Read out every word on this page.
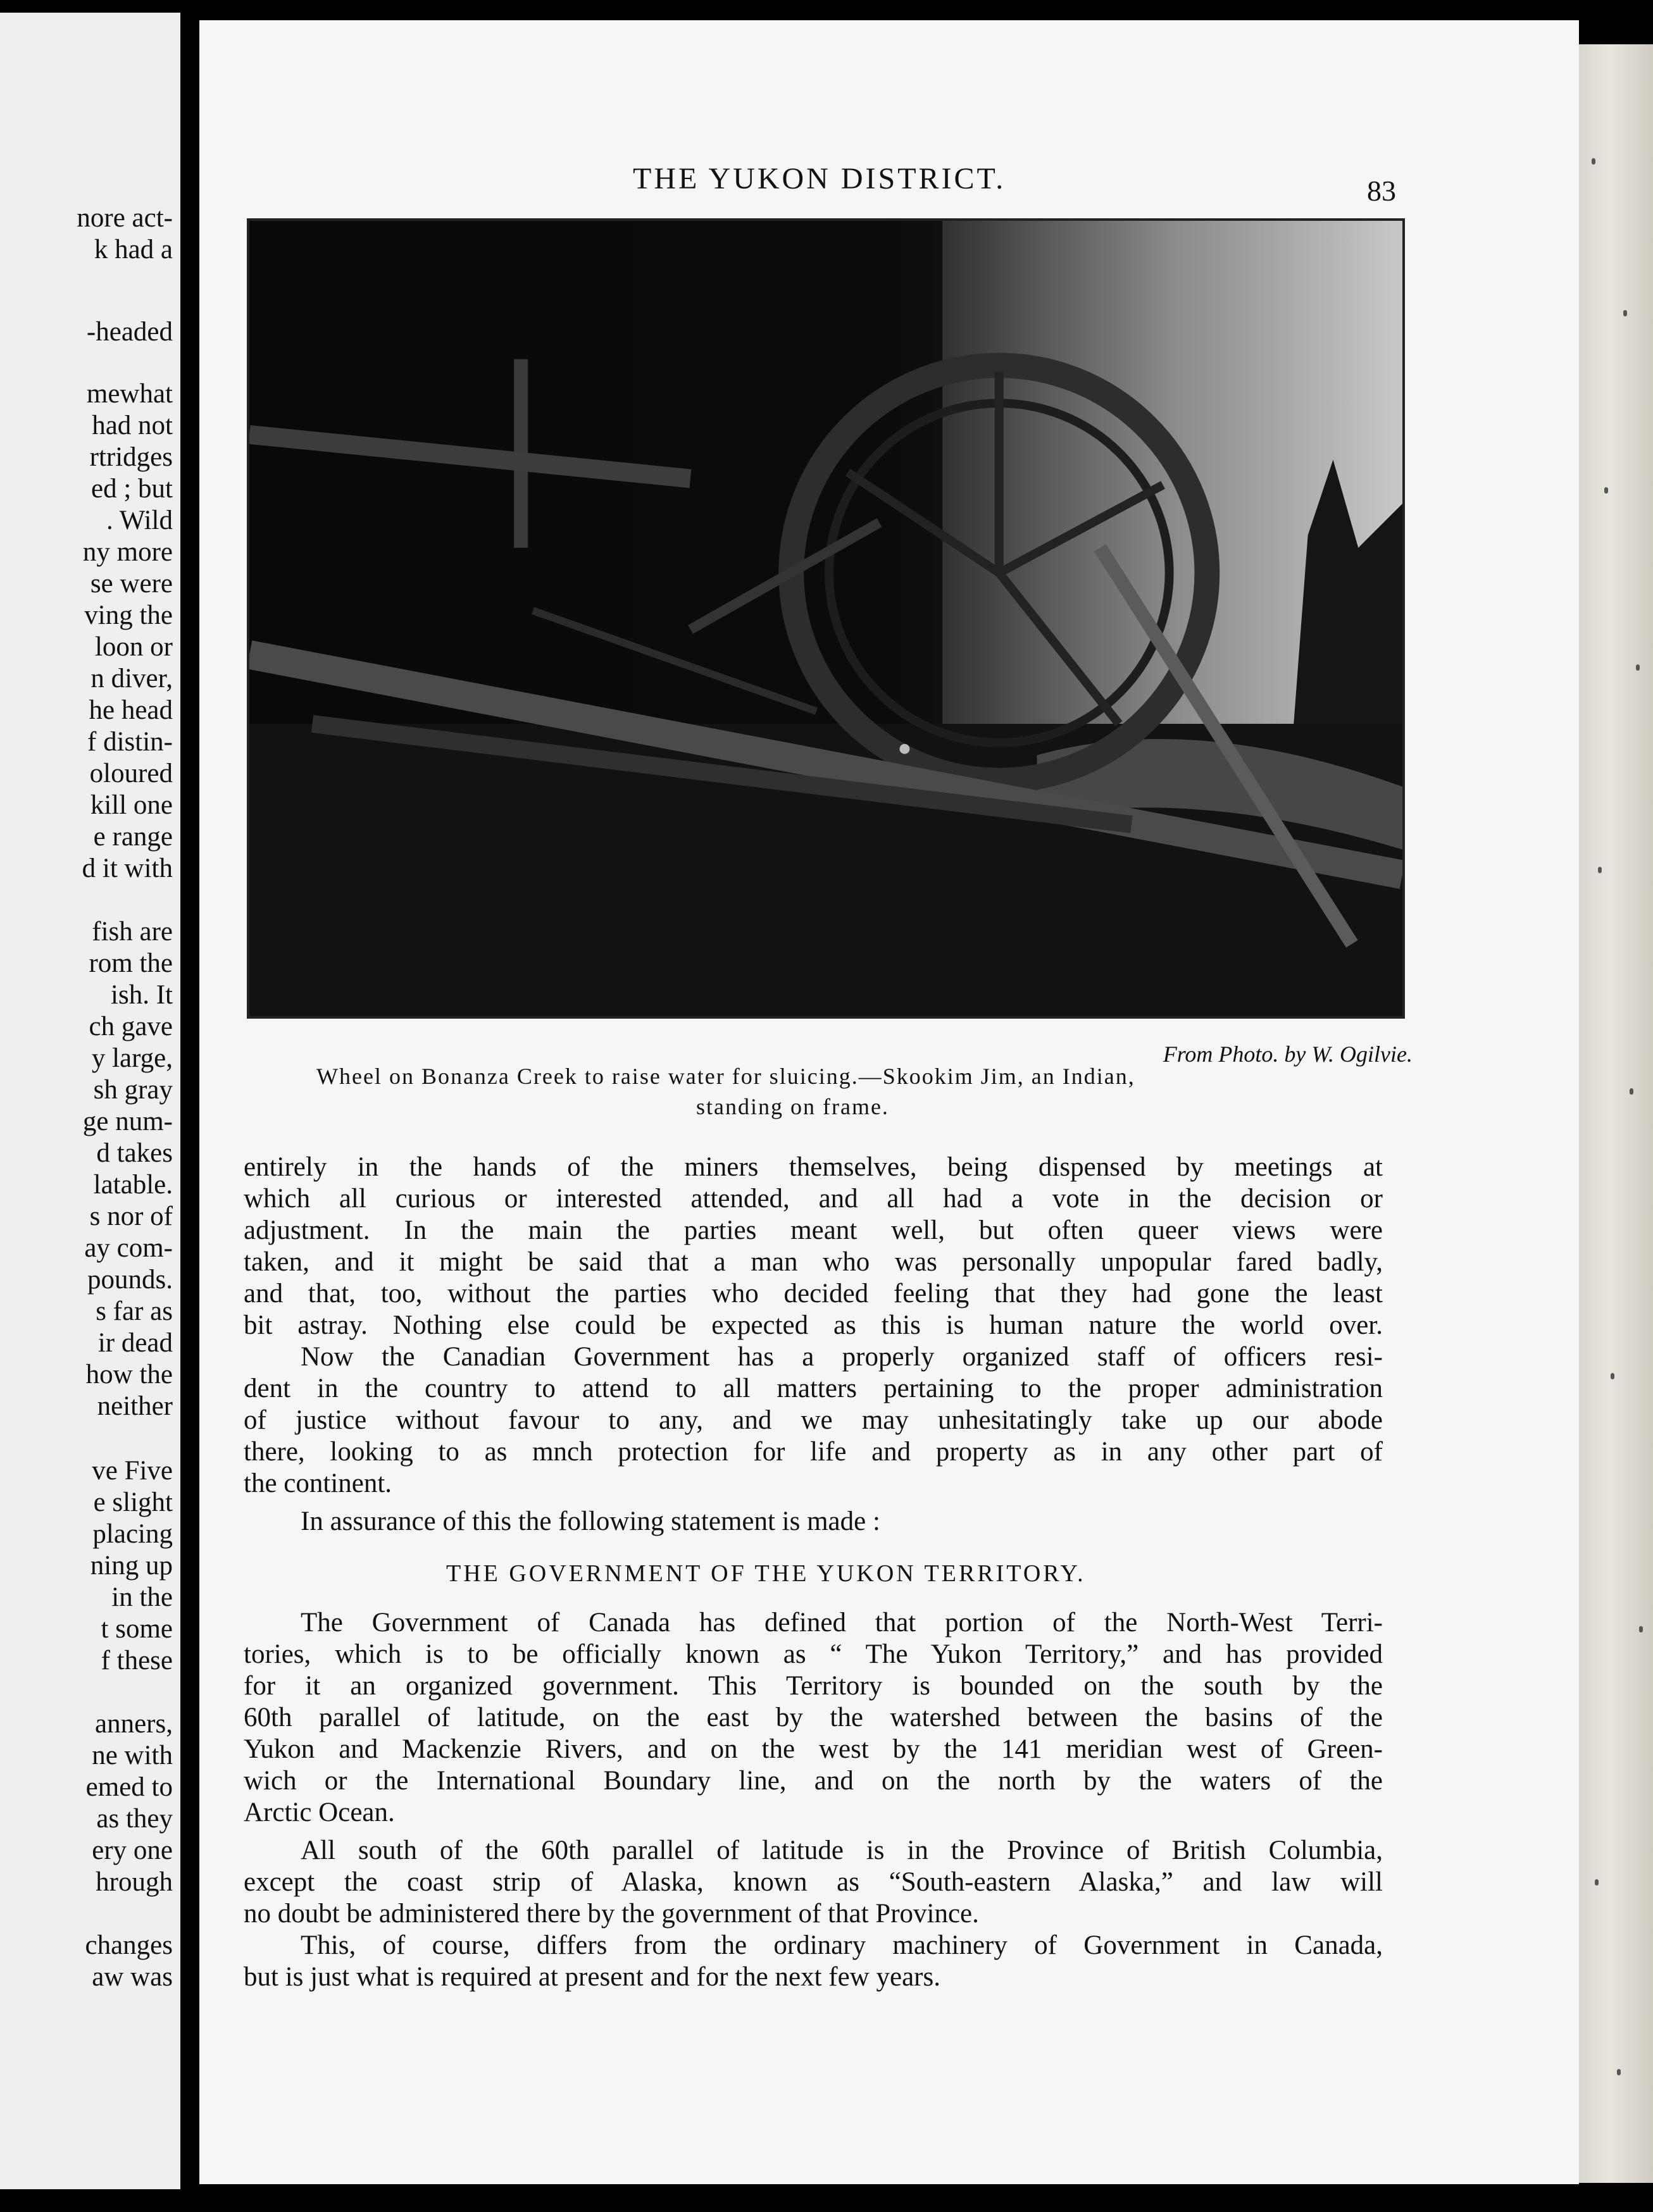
nore act-
k had a
-headed
mewhat
had not
rtridges
ed ; but
. Wild
ny more
se were
ving the
loon or
n diver,
he head
f distin-
oloured
kill one
e range
d it with
fish are
rom the
ish. It
ch gave
y large,
sh gray
ge num-
d takes
latable.
s nor of
ay com-
pounds.
s far as
ir dead
how the
neither
ve Five
e slight
placing
ning up
in the
t some
f these
anners,
ne with
emed to
as they
ery one
hrough
changes
aw was
THE YUKON DISTRICT.	83
From Photo. by W. Ogilvie.
Wheel on Bonanza Creek to raise water for sluicing.—Skookim Jim, an Indian,
standing on frame.
entirely in the hands of the miners themselves, being dispensed by meetings at
which all curious or interested attended, and all had a vote in the decision or
adjustment. In the main the parties meant well, but often queer views were
taken, and it might be said that a man who was personally unpopular fared badly,
and that, too, without the parties who decided feeling that they had gone the least
bit astray. Nothing else could be expected as this is human nature the world over.
Now the Canadian Government has a properly organized staff of officers resi-
dent in the country to attend to all matters pertaining to the proper administration
of justice without favour to any, and we may unhesitatingly take up our abode
there, looking to as mnch protection for life and property as in any other part of
the continent.
In assurance of this the following statement is made :
THE GOVERNMENT OF THE YUKON TERRITORY.
The Government of Canada has defined that portion of the North-West Terri-
tories, which is to be officially known as “ The Yukon Territory,” and has provided
for it an organized government. This Territory is bounded on the south by the
60th parallel of latitude, on the east by the watershed between the basins of the
Yukon and Mackenzie Rivers, and on the west by the 141 meridian west of Green-
wich or the International Boundary line, and on the north by the waters of the
Arctic Ocean.
All south of the 60th parallel of latitude is in the Province of British Columbia,
except the coast strip of Alaska, known as “South-eastern Alaska,” and law will
no doubt be administered there by the government of that Province.
This, of course, differs from the ordinary machinery of Government in Canada,
but is just what is required at present and for the next few years.
